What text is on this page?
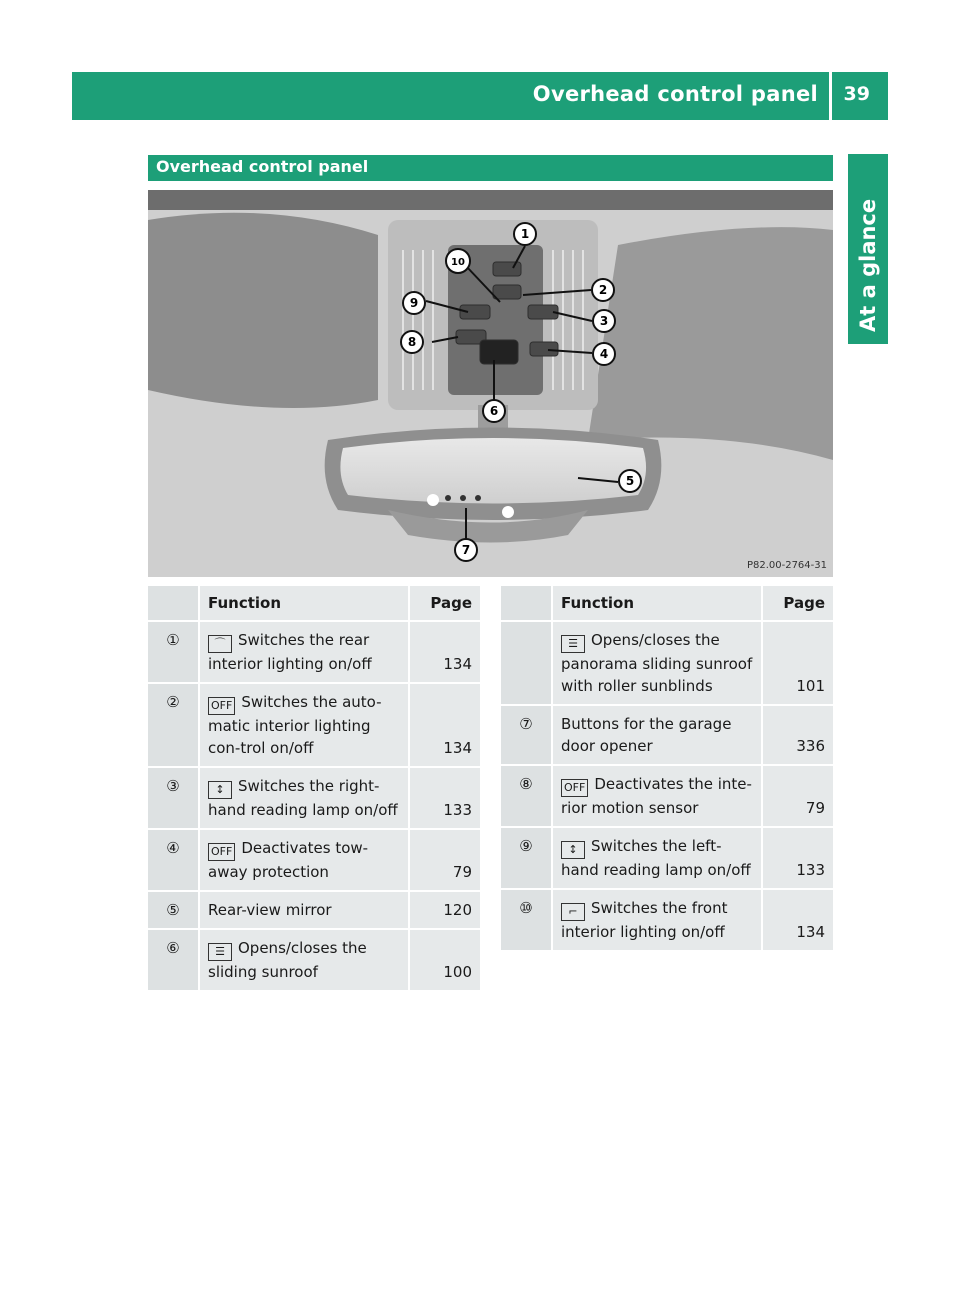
Overhead control panel 39
At a glance
Overhead control panel
1
2
3
4
5
6
7
8
9
10
P82.00-2764-31
	Function	Page
①	⌒ Switches the rear interior lighting on/off	134
②	OFF Switches the auto-matic interior lighting con-trol on/off	134
③	↕ Switches the right-hand reading lamp on/off	133
④	OFF Deactivates tow-away protection	79
⑤	Rear-view mirror	120
⑥	☰ Opens/closes the sliding sunroof	100
	Function	Page
	☰ Opens/closes the panorama sliding sunroof with roller sunblinds	101
⑦	Buttons for the garage door opener	336
⑧	OFF Deactivates the inte-rior motion sensor	79
⑨	↕ Switches the left-hand reading lamp on/off	133
⑩	⌐ Switches the front interior lighting on/off	134
